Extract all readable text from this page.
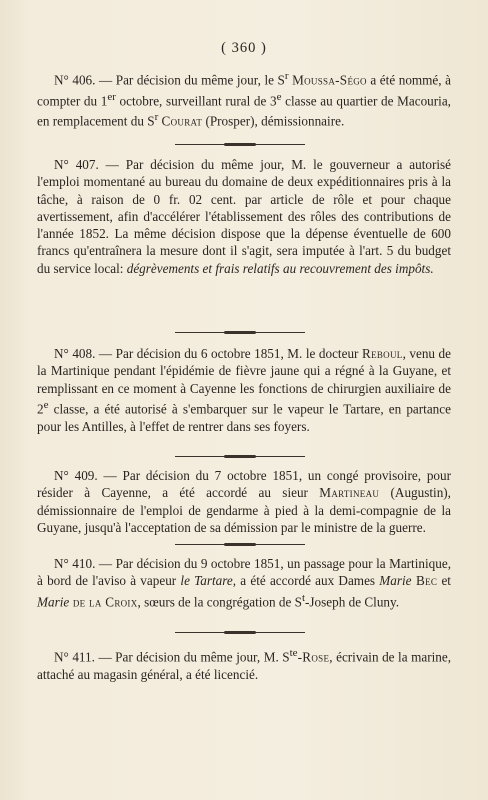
( 360 )

N° 406. — Par décision du même jour, le $S^r$ Moussa-Ségo a été nommé, à compter du 1er octobre, surveillant rural de 3e classe au quartier de Macouria, en remplacement du $S^r$ Courat (Prosper), démissionnaire.

N° 407. — Par décision du même jour, M. le gouverneur a autorisé l'emploi momentané au bureau du domaine de deux expéditionnaires pris à la tâche, à raison de 0 fr. 02 cent. par article de rôle et pour chaque avertissement, afin d'accélérer l'établissement des rôles des contributions de l'année 1852. La même décision dispose que la dépense éventuelle de 600 francs qu'entraînera la mesure dont il s'agit, sera imputée à l'art. 5 du budget du service local: dégrèvements et frais relatifs au recouvrement des impôts.

N° 408. — Par décision du 6 octobre 1851, M. le docteur Reboul, venu de la Martinique pendant l'épidémie de fièvre jaune qui a régné à la Guyane, et remplissant en ce moment à Cayenne les fonctions de chirurgien auxiliaire de 2e classe, a été autorisé à s'embarquer sur le vapeur le Tartare, en partance pour les Antilles, à l'effet de rentrer dans ses foyers.

N° 409. — Par décision du 7 octobre 1851, un congé provisoire, pour résider à Cayenne, a été accordé au sieur Martineau (Augustin), démissionnaire de l'emploi de gendarme à pied à la demi-compagnie de la Guyane, jusqu'à l'acceptation de sa démission par le ministre de la guerre.

N° 410. — Par décision du 9 octobre 1851, un passage pour la Martinique, à bord de l'aviso à vapeur le Tartare, a été accordé aux Dames Marie Bec et Marie de la Croix, sœurs de la congrégation de $S^t$-Joseph de Cluny.

N° 411. — Par décision du même jour, M. $S^{te}$-Rose, écrivain de la marine, attaché au magasin général, a été licencié.
